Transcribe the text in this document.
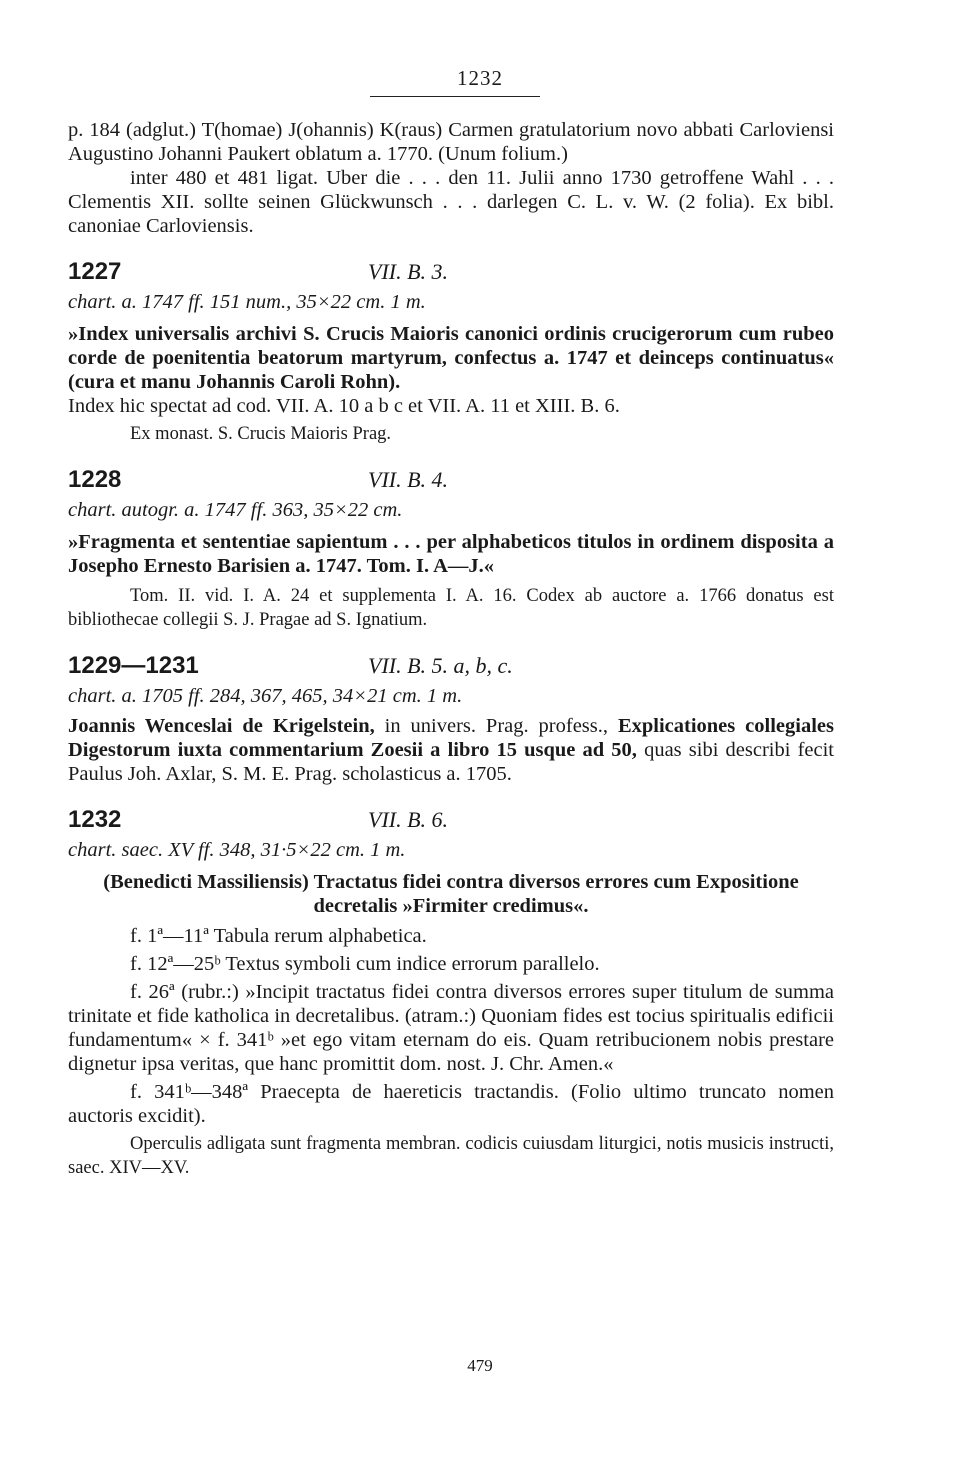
1232

p. 184 (adglut.) T(homae) J(ohannis) K(raus) Carmen gratulatorium novo abbati Carloviensi Augustino Johanni Paukert oblatum a. 1770. (Unum folium.)

inter 480 et 481 ligat. Uber die . . . den 11. Julii anno 1730 getroffene Wahl . . . Clementis XII. sollte seinen Glückwunsch . . . darlegen C. L. v. W. (2 folia). Ex bibl. canoniae Carloviensis.

1227	VII. B. 3.

chart. a. 1747 ff. 151 num., 35×22 cm. 1 m.

»Index universalis archivi S. Crucis Maioris canonici ordinis crucigerorum cum rubeo corde de poenitentia beatorum martyrum, confectus a. 1747 et deinceps continuatus« (cura et manu Johannis Caroli Rohn).

Index hic spectat ad cod. VII. A. 10 a b c et VII. A. 11 et XIII. B. 6.

Ex monast. S. Crucis Maioris Prag.

1228	VII. B. 4.

chart. autogr. a. 1747 ff. 363, 35×22 cm.

»Fragmenta et sententiae sapientum . . . per alphabeticos titulos in ordinem disposita a Josepho Ernesto Barisien a. 1747. Tom. I. A—J.«

Tom. II. vid. I. A. 24 et supplementa I. A. 16. Codex ab auctore a. 1766 donatus est bibliothecae collegii S. J. Pragae ad S. Ignatium.

1229—1231	VII. B. 5. a, b, c.

chart. a. 1705 ff. 284, 367, 465, 34×21 cm. 1 m.

Joannis Wenceslai de Krigelstein, in univers. Prag. profess., Explicationes collegiales Digestorum iuxta commentarium Zoesii a libro 15 usque ad 50, quas sibi describi fecit Paulus Joh. Axlar, S. M. E. Prag. scholasticus a. 1705.

1232	VII. B. 6.

chart. saec. XV ff. 348, 31·5×22 cm. 1 m.

(Benedicti Massiliensis) Tractatus fidei contra diversos errores cum Expositione decretalis »Firmiter credimus«.

f. 1ª—11ª Tabula rerum alphabetica.

f. 12ª—25ᵇ Textus symboli cum indice errorum parallelo.

f. 26ª (rubr.:) »Incipit tractatus fidei contra diversos errores super titulum de summa trinitate et fide katholica in decretalibus. (atram.:) Quoniam fides est tocius spiritualis edificii fundamentum« × f. 341ᵇ »et ego vitam eternam do eis. Quam retribucionem nobis prestare dignetur ipsa veritas, que hanc promittit dom. nost. J. Chr. Amen.«

f. 341ᵇ—348ª Praecepta de haereticis tractandis. (Folio ultimo truncato nomen auctoris excidit).

Operculis adligata sunt fragmenta membran. codicis cuiusdam liturgici, notis musicis instructi, saec. XIV—XV.

479
